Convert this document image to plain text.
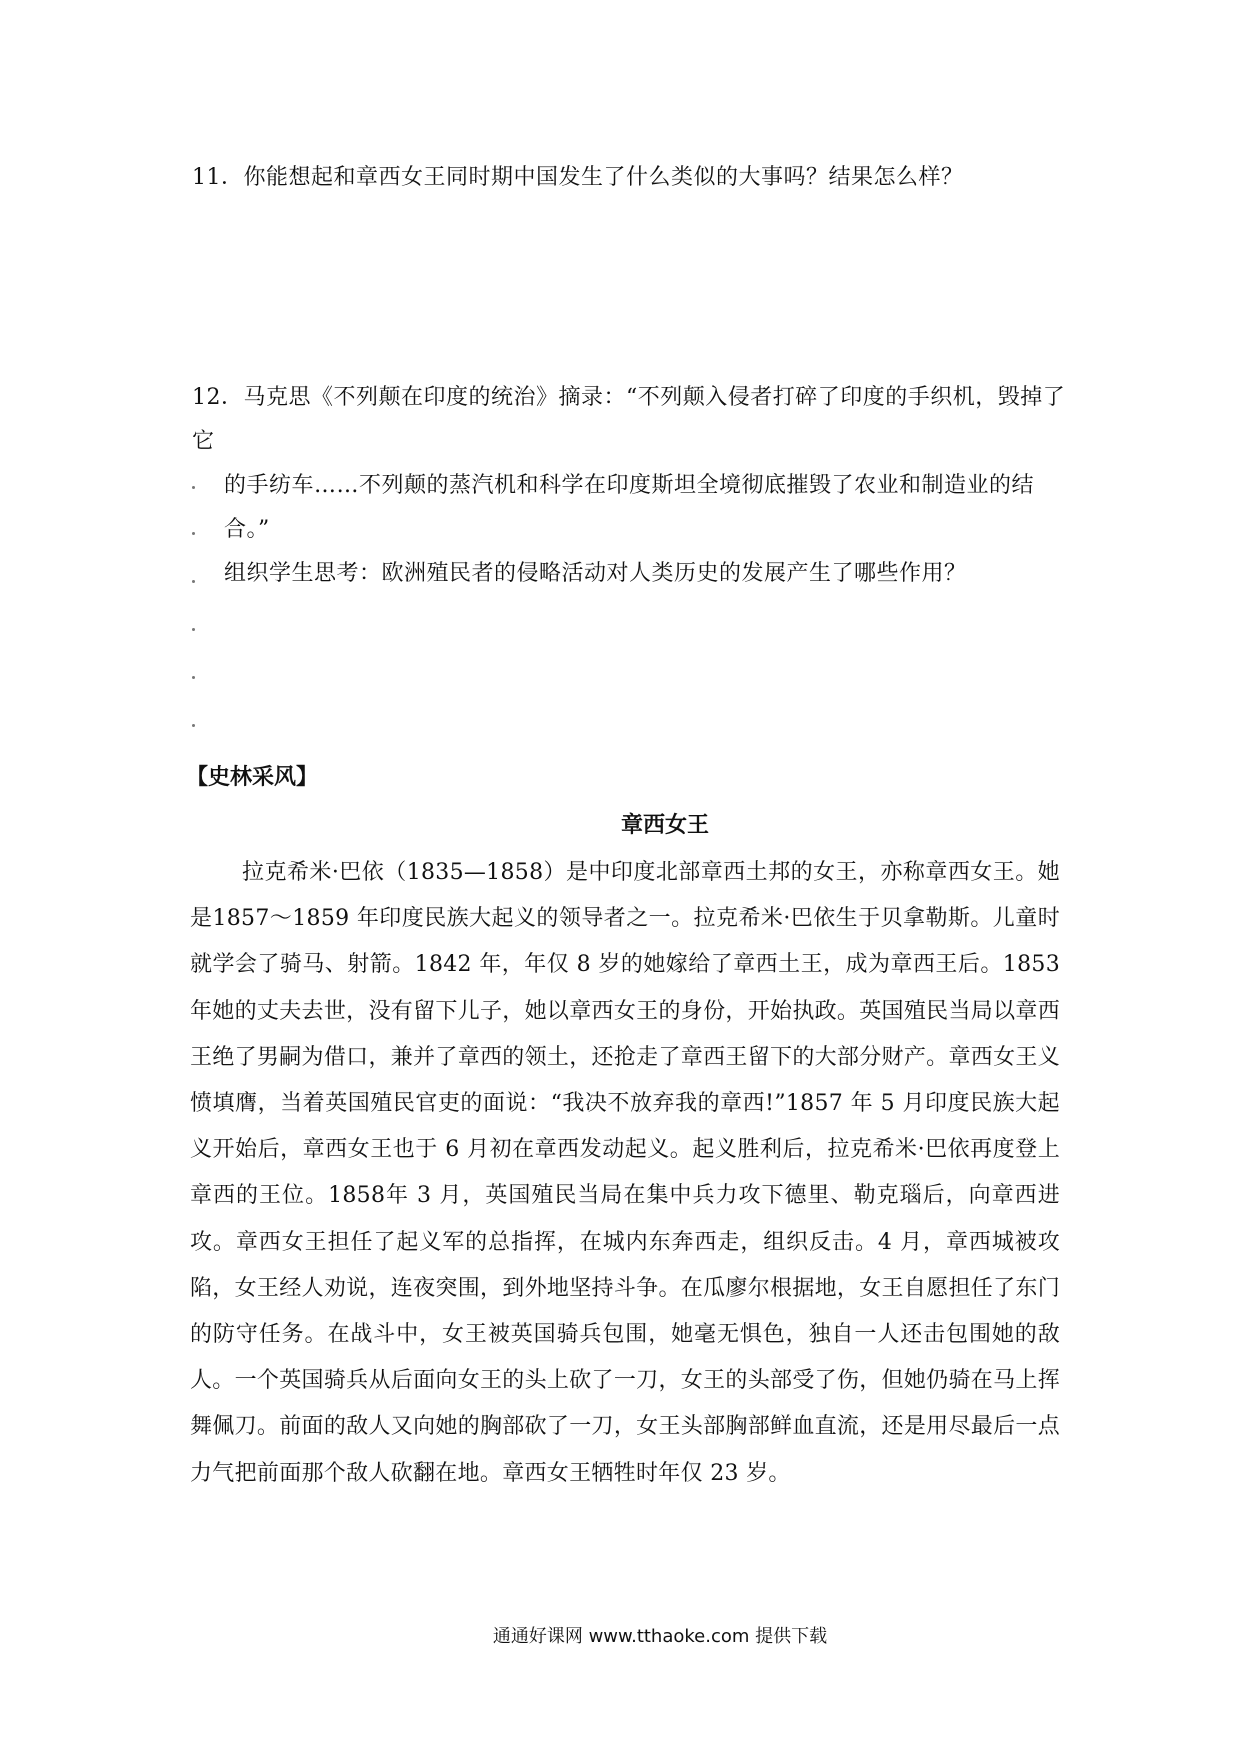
11．你能想起和章西女王同时期中国发生了什么类似的大事吗？结果怎么样？
12．马克思《不列颠在印度的统治》摘录：“不列颠入侵者打碎了印度的手织机，毁掉了它
的手纺车……不列颠的蒸汽机和科学在印度斯坦全境彻底摧毁了农业和制造业的结合。”
组织学生思考：欧洲殖民者的侵略活动对人类历史的发展产生了哪些作用？
【史林采风】
章西女王
拉克希米·巴依（1835—1858）是中印度北部章西土邦的女王，亦称章西女王。她是1857～1859 年印度民族大起义的领导者之一。拉克希米·巴依生于贝拿勒斯。儿童时就学会了骑马、射箭。1842 年，年仅 8 岁的她嫁给了章西土王，成为章西王后。1853 年她的丈夫去世，没有留下儿子，她以章西女王的身份，开始执政。英国殖民当局以章西王绝了男嗣为借口，兼并了章西的领土，还抢走了章西王留下的大部分财产。章西女王义愤填膺，当着英国殖民官吏的面说：“我决不放弃我的章西!”1857 年 5 月印度民族大起义开始后，章西女王也于 6 月初在章西发动起义。起义胜利后，拉克希米·巴依再度登上章西的王位。1858年 3 月，英国殖民当局在集中兵力攻下德里、勒克瑙后，向章西进攻。章西女王担任了起义军的总指挥，在城内东奔西走，组织反击。4 月，章西城被攻陷，女王经人劝说，连夜突围，到外地坚持斗争。在瓜廖尔根据地，女王自愿担任了东门的防守任务。在战斗中，女王被英国骑兵包围，她毫无惧色，独自一人还击包围她的敌人。一个英国骑兵从后面向女王的头上砍了一刀，女王的头部受了伤，但她仍骑在马上挥舞佩刀。前面的敌人又向她的胸部砍了一刀，女王头部胸部鲜血直流，还是用尽最后一点力气把前面那个敌人砍翻在地。章西女王牺牲时年仅 23 岁。
通通好课网 www.tthaoke.com 提供下载
